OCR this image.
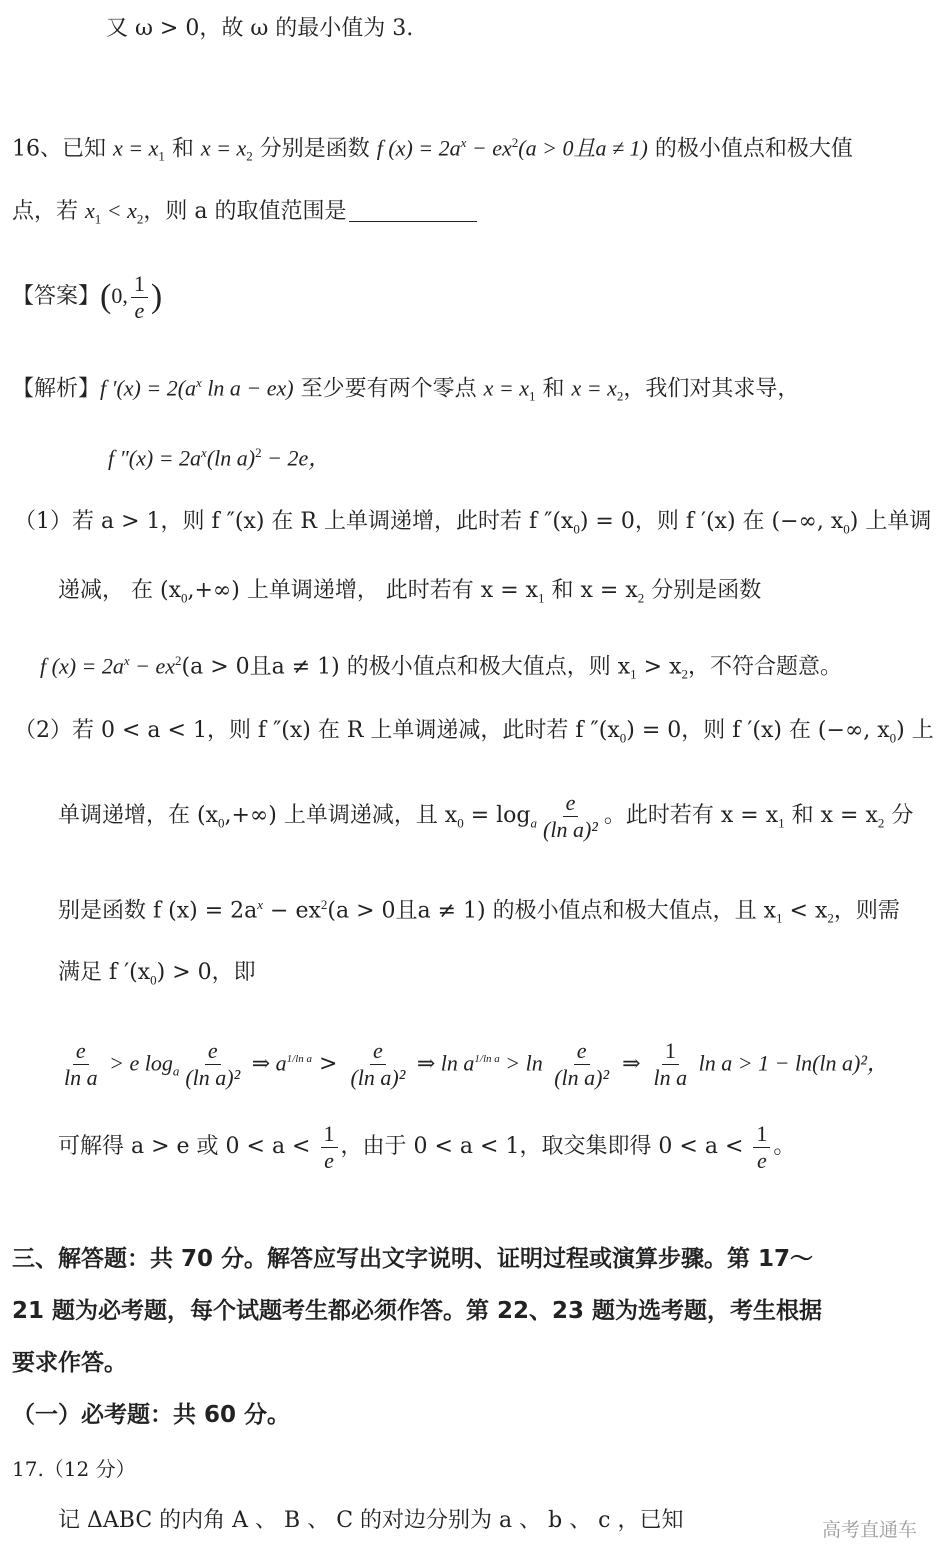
又 ω > 0，故 ω 的最小值为 3.
16、已知 $x = x_1$ 和 $x = x_2$ 分别是函数 f $(x) = 2a^x - ex^2(a > 0$且a ≠ 1) 的极小值点和极大值
点，若 $x_1 < x_2$，则 a 的取值范围是
【答案】(0, $\frac{1}{e}$ )
【解析】f $'(x) = 2(a^x$ ln a − ex) 至少要有两个零点 $x = x_1$ 和 $x = x_2$，我们对其求导，
f $''(x) = 2a^x(\ln$ a)$^2$ − 2e，
（1）若 a > 1，则 f ″(x) 在 R 上单调递增，此时若 f $''(x_0) = 0$，则 f ′(x) 在 (−∞, $x_0$) 上单调
递减， 在 $(x_0,+\infty)$ 上单调递增， 此时若有 $x = x_1$ 和 $x = x_2$ 分别是函数
f $(x) = 2a^x - ex^2(a > 0$且a ≠ 1) 的极小值点和极大值点，则 $x_1 > x_2$，不符合题意。
（2）若 0 < a < 1，则 f ″(x) 在 R 上单调递减，此时若 f $''(x_0) = 0$，则 f ′(x) 在 (−∞, $x_0$) 上
单调递增，在 $(x_0,+\infty)$ 上单调递减，且 $x_0 = \log_a \frac{e}{\text{(ln a)²}}$ 。此时若有 $x = x_1$ 和 $x = x_2$ 分
别是函数 f $(x) = 2a^x - ex^2(a > 0$且a ≠ 1) 的极小值点和极大值点，且 $x_1 < x_2$，则需
满足 f $'(x_0) > 0$，即
$\frac{e}{\text{ln a}} > e$ $\log_a \frac{e}{\text{(ln a)²}}$ ⇒ $a^{1/ln a} > \frac{e}{\text{(ln a)²}}$ ⇒ $\ln a^{1/ln a} > \ln \frac{e}{\text{(ln a)²}}$ ⇒ $\frac{1}{\text{ln a}}$ ln a > 1 − ln(ln a)²，
可解得 a > e 或 $0 < a < \frac{1}{e}$ ，由于 0 < a < 1，取交集即得 $0 < a < \frac{1}{e}$ 。
三、解答题：共 70 分。解答应写出文字说明、证明过程或演算步骤。第 17～
21 题为必考题，每个试题考生都必须作答。第 22、23 题为选考题，考生根据
要求作答。
（一）必考题：共 60 分。
17.（12 分）
记 ΔABC 的内角 A 、 B 、 C 的对边分别为 a 、 b 、 c ，已知	高考直通车
